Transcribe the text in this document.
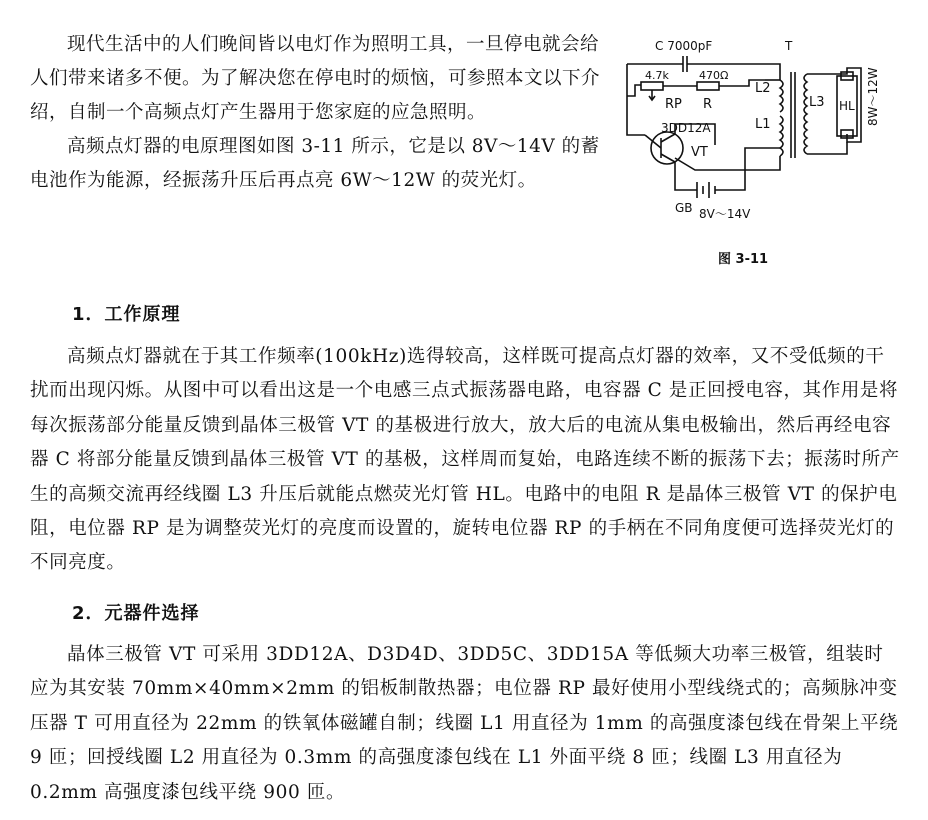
现代生活中的人们晚间皆以电灯作为照明工具，一旦停电就会给人们带来诸多不便。为了解决您在停电时的烦恼，可参照本文以下介绍，自制一个高频点灯产生器用于您家庭的应急照明。

高频点灯器的电原理图如图 3-11 所示，它是以 8V～14V 的蓄电池作为能源，经振荡升压后再点亮 6W～12W 的荧光灯。

C 7000pF	T
4.7k	470Ω
RP R
L2
L3
L1
HL 8W～12W
3DD12A
VT
GB 8V～14V
图 3-11
1．工作原理

高频点灯器就在于其工作频率(100kHz)选得较高，这样既可提高点灯器的效率，又不受低频的干扰而出现闪烁。从图中可以看出这是一个电感三点式振荡器电路，电容器 C 是正回授电容，其作用是将每次振荡部分能量反馈到晶体三极管 VT 的基极进行放大，放大后的电流从集电极输出，然后再经电容器 C 将部分能量反馈到晶体三极管 VT 的基极，这样周而复始，电路连续不断的振荡下去；振荡时所产生的高频交流再经线圈 L3 升压后就能点燃荧光灯管 HL。电路中的电阻 R 是晶体三极管 VT 的保护电阻，电位器 RP 是为调整荧光灯的亮度而设置的，旋转电位器 RP 的手柄在不同角度便可选择荧光灯的不同亮度。

2．元器件选择

晶体三极管 VT 可采用 3DD12A、D3D4D、3DD5C、3DD15A 等低频大功率三极管，组装时应为其安装 70mm×40mm×2mm 的铝板制散热器；电位器 RP 最好使用小型线绕式的；高频脉冲变压器 T 可用直径为 22mm 的铁氧体磁罐自制；线圈 L1 用直径为 1mm 的高强度漆包线在骨架上平绕 9 匝；回授线圈 L2 用直径为 0.3mm 的高强度漆包线在 L1 外面平绕 8 匝；线圈 L3 用直径为 0.2mm 高强度漆包线平绕 900 匝。
